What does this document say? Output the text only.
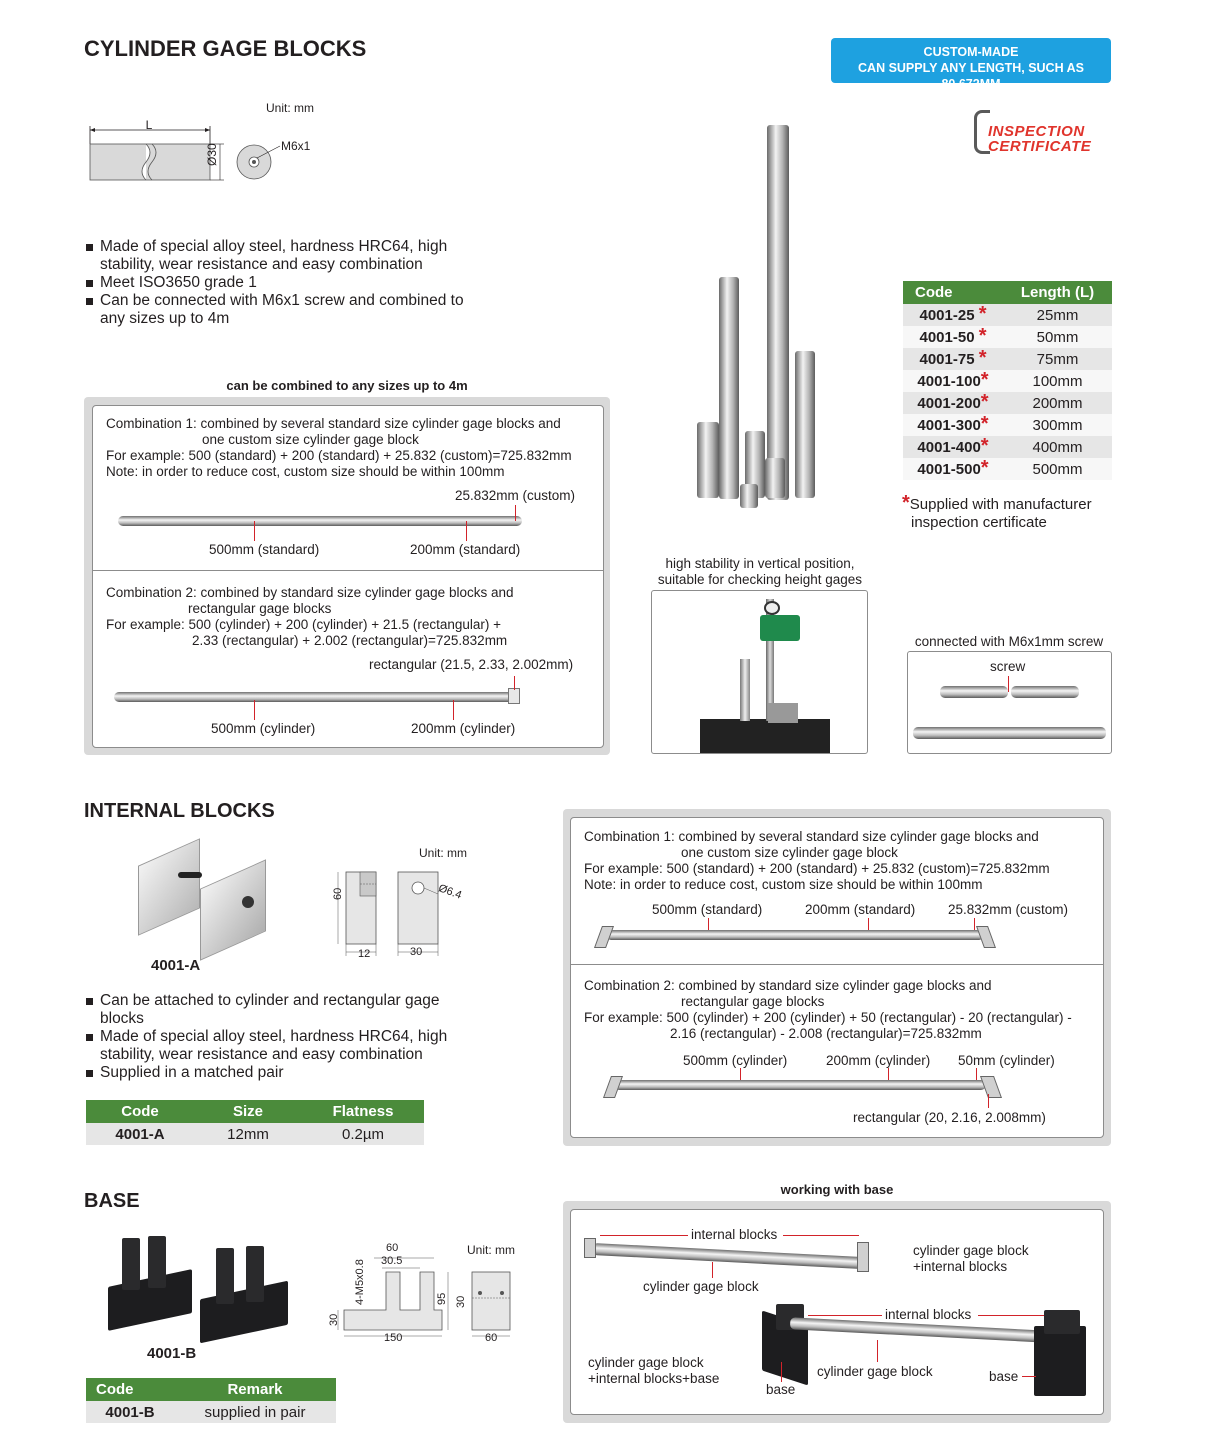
CYLINDER GAGE BLOCKS	CUSTOM-MADE
CAN SUPPLY ANY LENGTH, SUCH AS 80.672MM
INSPECTION
CERTIFICATE
Unit: mm
L
Ø30	M6x1
Made of special alloy steel, hardness HRC64, high stability, wear resistance and easy combination
Meet ISO3650 grade 1
Can be connected with M6x1 screw and combined to any sizes up to 4m
can be combined to any sizes up to 4m
Combination 1: combined by several standard size cylinder gage blocks and
one custom size cylinder gage block
For example: 500 (standard) + 200 (standard) + 25.832 (custom)=725.832mm
Note: in order to reduce cost, custom size should be within 100mm
25.832mm (custom)
500mm (standard)	200mm (standard)
Combination 2: combined by standard size cylinder gage blocks and
rectangular gage blocks
For example: 500 (cylinder) + 200 (cylinder) + 21.5 (rectangular) +
2.33 (rectangular) + 2.002 (rectangular)=725.832mm
rectangular (21.5, 2.33, 2.002mm)
500mm (cylinder)	200mm (cylinder)
Code	Length (L)
4001-25 *	25mm
4001-50 *	50mm
4001-75 *	75mm
4001-100*	100mm
4001-200*	200mm
4001-300*	300mm
4001-400*	400mm
4001-500*	500mm
*Supplied with manufacturer
inspection certificate
high stability in vertical position,
suitable for checking height gages
connected with M6x1mm screw
screw
INTERNAL BLOCKS
4001-A
Unit: mm
60
12	30
Ø6.4
Can be attached to cylinder and rectangular gage blocks
Made of special alloy steel, hardness HRC64, high stability, wear resistance and easy combination
Supplied in a matched pair
Code	Size	Flatness
4001-A	12mm	0.2µm
Combination 1: combined by several standard size cylinder gage blocks and
one custom size cylinder gage block
For example: 500 (standard) + 200 (standard) + 25.832 (custom)=725.832mm
Note: in order to reduce cost, custom size should be within 100mm
500mm (standard)	200mm (standard) 25.832mm (custom)
Combination 2: combined by standard size cylinder gage blocks and
rectangular gage blocks
For example: 500 (cylinder) + 200 (cylinder) + 50 (rectangular) - 20 (rectangular) -
2.16 (rectangular) - 2.008 (rectangular)=725.832mm
500mm (cylinder)	200mm (cylinder) 50mm (cylinder)
rectangular (20, 2.16, 2.008mm)
BASE
4001-B
Unit: mm
60
30.5
4-M5x0.8	95
30
30
150	60
Code	Remark
4001-B	supplied in pair
working with base
internal blocks
cylinder gage block
cylinder gage block
+internal blocks
internal blocks
cylinder gage block
base
base
cylinder gage block
+internal blocks+base
